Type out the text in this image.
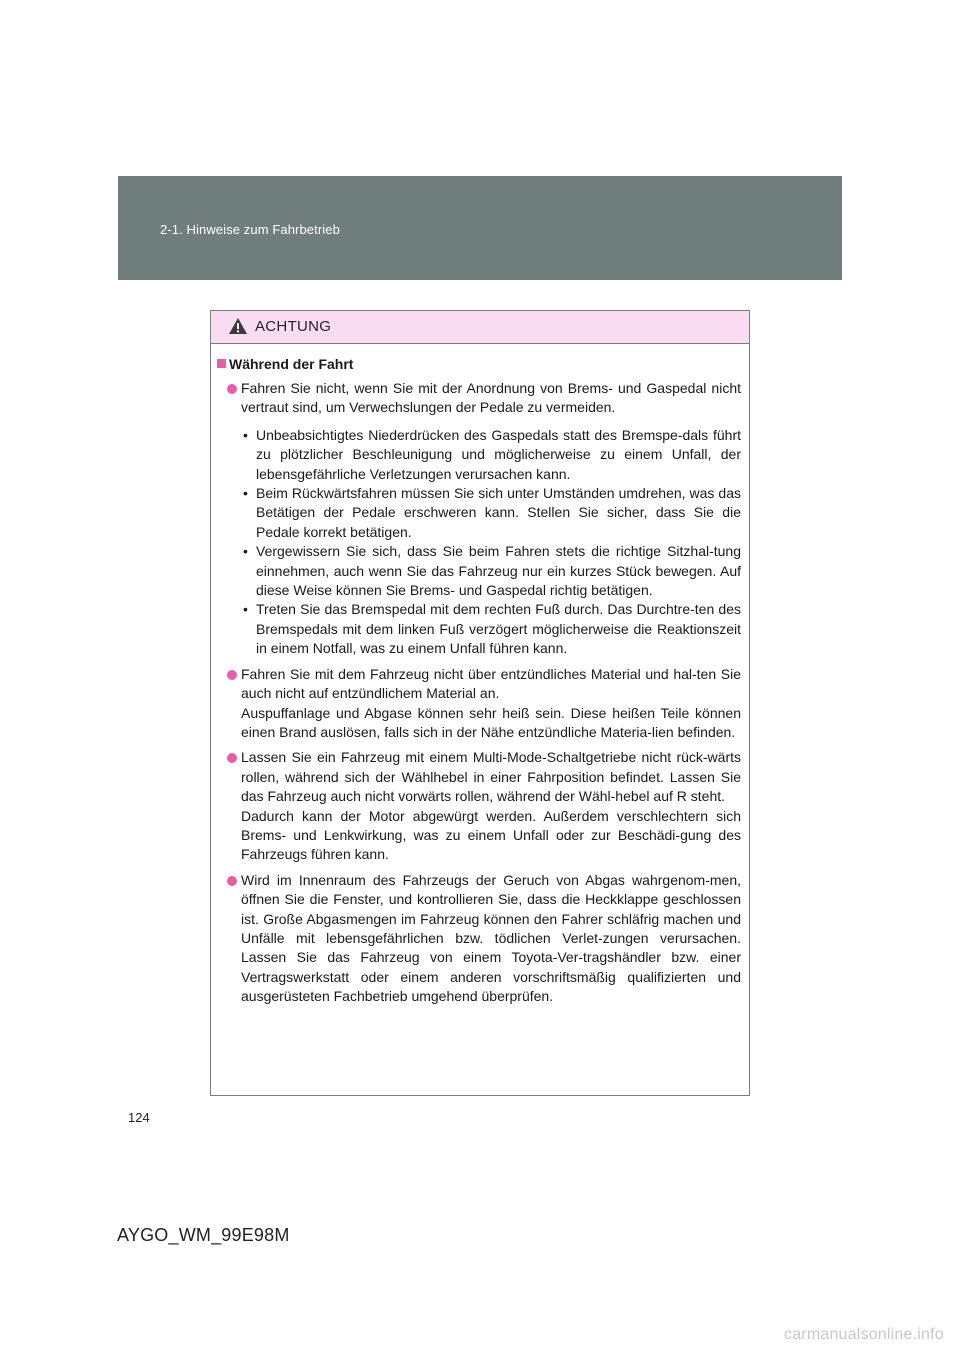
2-1. Hinweise zum Fahrbetrieb
ACHTUNG
Während der Fahrt
Fahren Sie nicht, wenn Sie mit der Anordnung von Brems- und Gaspedal nicht vertraut sind, um Verwechslungen der Pedale zu vermeiden.
• Unbeabsichtigtes Niederdrücken des Gaspedals statt des Bremspe-dals führt zu plötzlicher Beschleunigung und möglicherweise zu einem Unfall, der lebensgefährliche Verletzungen verursachen kann.
• Beim Rückwärtsfahren müssen Sie sich unter Umständen umdrehen, was das Betätigen der Pedale erschweren kann. Stellen Sie sicher, dass Sie die Pedale korrekt betätigen.
• Vergewissern Sie sich, dass Sie beim Fahren stets die richtige Sitzhal-tung einnehmen, auch wenn Sie das Fahrzeug nur ein kurzes Stück bewegen. Auf diese Weise können Sie Brems- und Gaspedal richtig betätigen.
• Treten Sie das Bremspedal mit dem rechten Fuß durch. Das Durchtre-ten des Bremspedals mit dem linken Fuß verzögert möglicherweise die Reaktionszeit in einem Notfall, was zu einem Unfall führen kann.
Fahren Sie mit dem Fahrzeug nicht über entzündliches Material und hal-ten Sie auch nicht auf entzündlichem Material an.
Auspuffanlage und Abgase können sehr heiß sein. Diese heißen Teile können einen Brand auslösen, falls sich in der Nähe entzündliche Materia-lien befinden.
Lassen Sie ein Fahrzeug mit einem Multi-Mode-Schaltgetriebe nicht rück-wärts rollen, während sich der Wählhebel in einer Fahrposition befindet. Lassen Sie das Fahrzeug auch nicht vorwärts rollen, während der Wähl-hebel auf R steht.
Dadurch kann der Motor abgewürgt werden. Außerdem verschlechtern sich Brems- und Lenkwirkung, was zu einem Unfall oder zur Beschädi-gung des Fahrzeugs führen kann.
Wird im Innenraum des Fahrzeugs der Geruch von Abgas wahrgenom-men, öffnen Sie die Fenster, und kontrollieren Sie, dass die Heckklappe geschlossen ist. Große Abgasmengen im Fahrzeug können den Fahrer schläfrig machen und Unfälle mit lebensgefährlichen bzw. tödlichen Verlet-zungen verursachen. Lassen Sie das Fahrzeug von einem Toyota-Ver-tragshändler bzw. einer Vertragswerkstatt oder einem anderen vorschriftsmäßig qualifizierten und ausgerüsteten Fachbetrieb umgehend überprüfen.
124
AYGO_WM_99E98M
carmanualsonline.info
